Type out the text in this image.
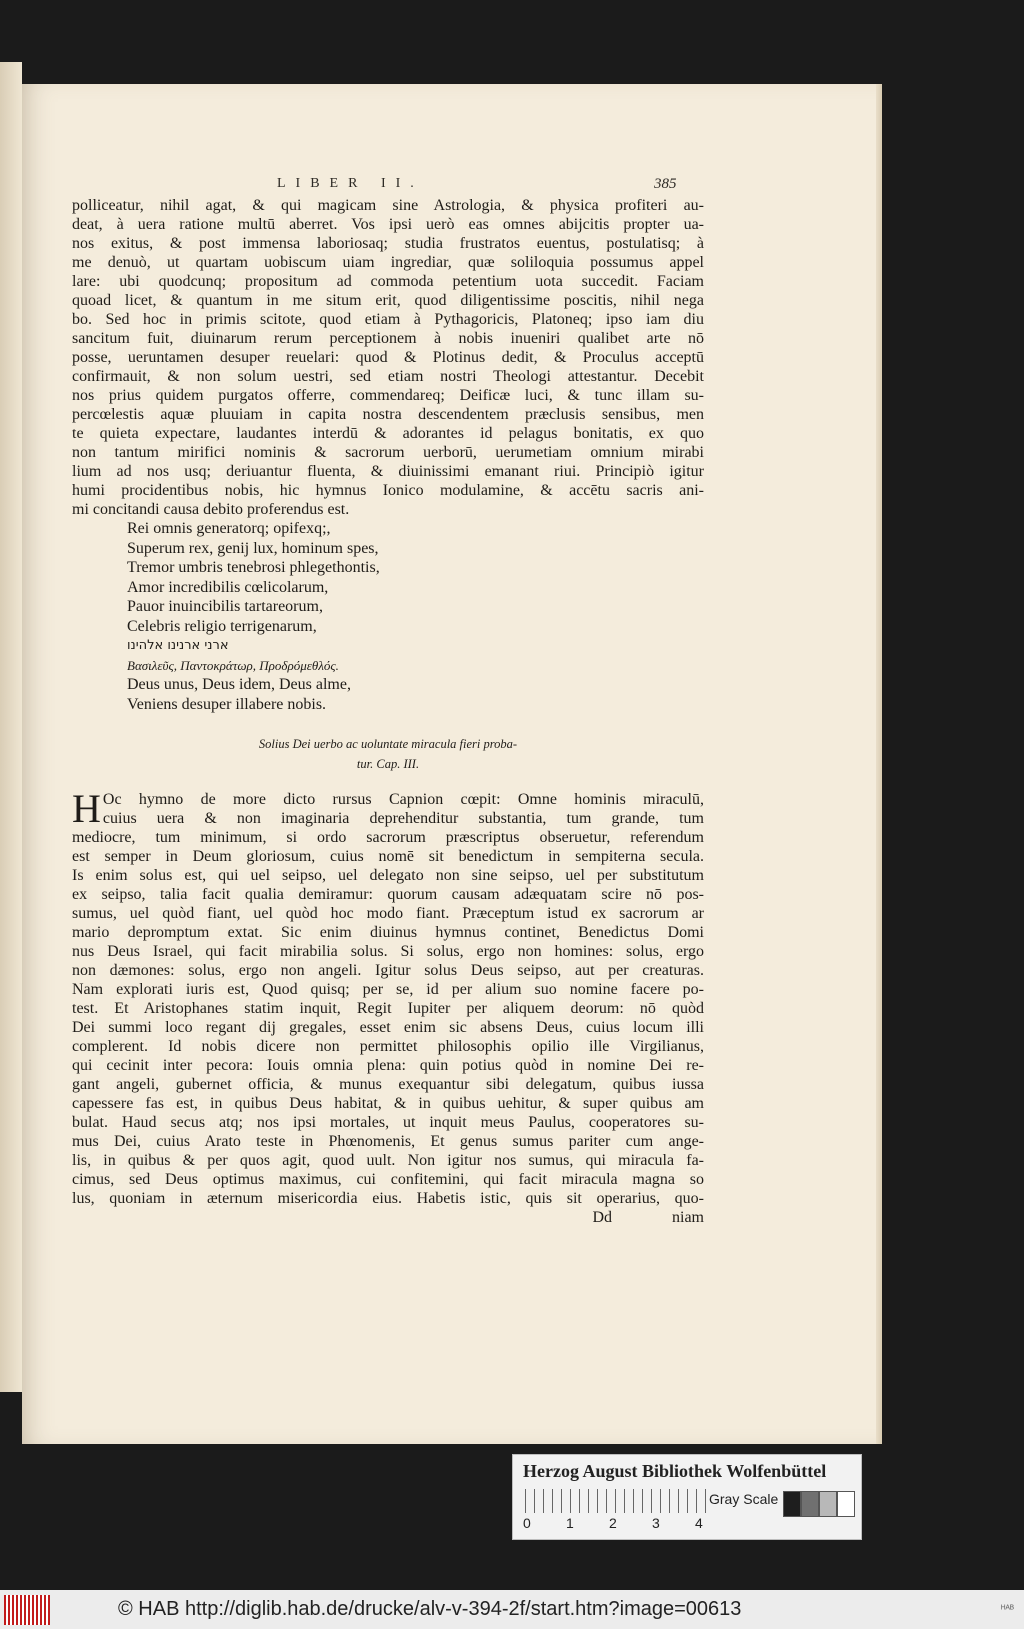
LIBER II.	385
polliceatur, nihil agat, & qui magicam sine Astrologia, & physica profiteri au-
deat, à uera ratione multū aberret. Vos ipsi uerò eas omnes abijcitis propter ua-
nos exitus, & post immensa laboriosaq; studia frustratos euentus, postulatisq; à
me denuò, ut quartam uobiscum uiam ingrediar, quæ soliloquia possumus appel
lare: ubi quodcunq; propositum ad commoda petentium uota succedit. Faciam
quoad licet, & quantum in me situm erit, quod diligentissime poscitis, nihil nega
bo. Sed hoc in primis scitote, quod etiam à Pythagoricis, Platoneq; ipso iam diu
sancitum fuit, diuinarum rerum perceptionem à nobis inueniri qualibet arte nō
posse, ueruntamen desuper reuelari: quod & Plotinus dedit, & Proculus acceptū
confirmauit, & non solum uestri, sed etiam nostri Theologi attestantur. Decebit
nos prius quidem purgatos offerre, commendareq; Deificæ luci, & tunc illam su-
percœlestis aquæ pluuiam in capita nostra descendentem præclusis sensibus, men
te quieta expectare, laudantes interdū & adorantes id pelagus bonitatis, ex quo
non tantum mirifici nominis & sacrorum uerborū, uerumetiam omnium mirabi
lium ad nos usq; deriuantur fluenta, & diuinissimi emanant riui. Principiò igitur
humi procidentibus nobis, hic hymnus Ionico modulamine, & accētu sacris ani-
mi concitandi causa debito proferendus est.
Rei omnis generatorq; opifexq;,
Superum rex, genij lux, hominum spes,
Tremor umbris tenebrosi phlegethontis,
Amor incredibilis cœlicolarum,
Pauor inuincibilis tartareorum,
Celebris religio terrigenarum,
ארני ארנינו אלהינו
Βασιλεῦς, Παντοκράτωρ, Προδρόμεθλός.
Deus unus, Deus idem, Deus alme,
Veniens desuper illabere nobis.
Solius Dei uerbo ac uoluntate miracula fieri proba-
tur. Cap. III.
H Oc hymno de more dicto rursus Capnion cœpit: Omne hominis miraculū,
cuius uera & non imaginaria deprehenditur substantia, tum grande, tum
mediocre, tum minimum, si ordo sacrorum præscriptus obseruetur, referendum
est semper in Deum gloriosum, cuius nomē sit benedictum in sempiterna secula.
Is enim solus est, qui uel seipso, uel delegato non sine seipso, uel per substitutum
ex seipso, talia facit qualia demiramur: quorum causam adæquatam scire nō pos-
sumus, uel quòd fiant, uel quòd hoc modo fiant. Præceptum istud ex sacrorum ar
mario depromptum extat. Sic enim diuinus hymnus continet, Benedictus Domi
nus Deus Israel, qui facit mirabilia solus. Si solus, ergo non homines: solus, ergo
non dæmones: solus, ergo non angeli. Igitur solus Deus seipso, aut per creaturas.
Nam explorati iuris est, Quod quisq; per se, id per alium suo nomine facere po-
test. Et Aristophanes statim inquit, Regit Iupiter per aliquem deorum: nō quòd
Dei summi loco regant dij gregales, esset enim sic absens Deus, cuius locum illi
complerent. Id nobis dicere non permittet philosophis opilio ille Virgilianus,
qui cecinit inter pecora: Iouis omnia plena: quin potius quòd in nomine Dei re-
gant angeli, gubernet officia, & munus exequantur sibi delegatum, quibus iussa
capessere fas est, in quibus Deus habitat, & in quibus uehitur, & super quibus am
bulat. Haud secus atq; nos ipsi mortales, ut inquit meus Paulus, cooperatores su-
mus Dei, cuius Arato teste in Phœnomenis, Et genus sumus pariter cum ange-
lis, in quibus & per quos agit, quod uult. Non igitur nos sumus, qui miracula fa-
cimus, sed Deus optimus maximus, cui confitemini, qui facit miracula magna so
lus, quoniam in æternum misericordia eius. Habetis istic, quis sit operarius, quo-
Dd	niam
Herzog August Bibliothek Wolfenbüttel
0	1	2	3	4
Gray Scale
© HAB http://diglib.hab.de/drucke/alv-v-394-2f/start.htm?image=00613	ᴴᴬᴮ
